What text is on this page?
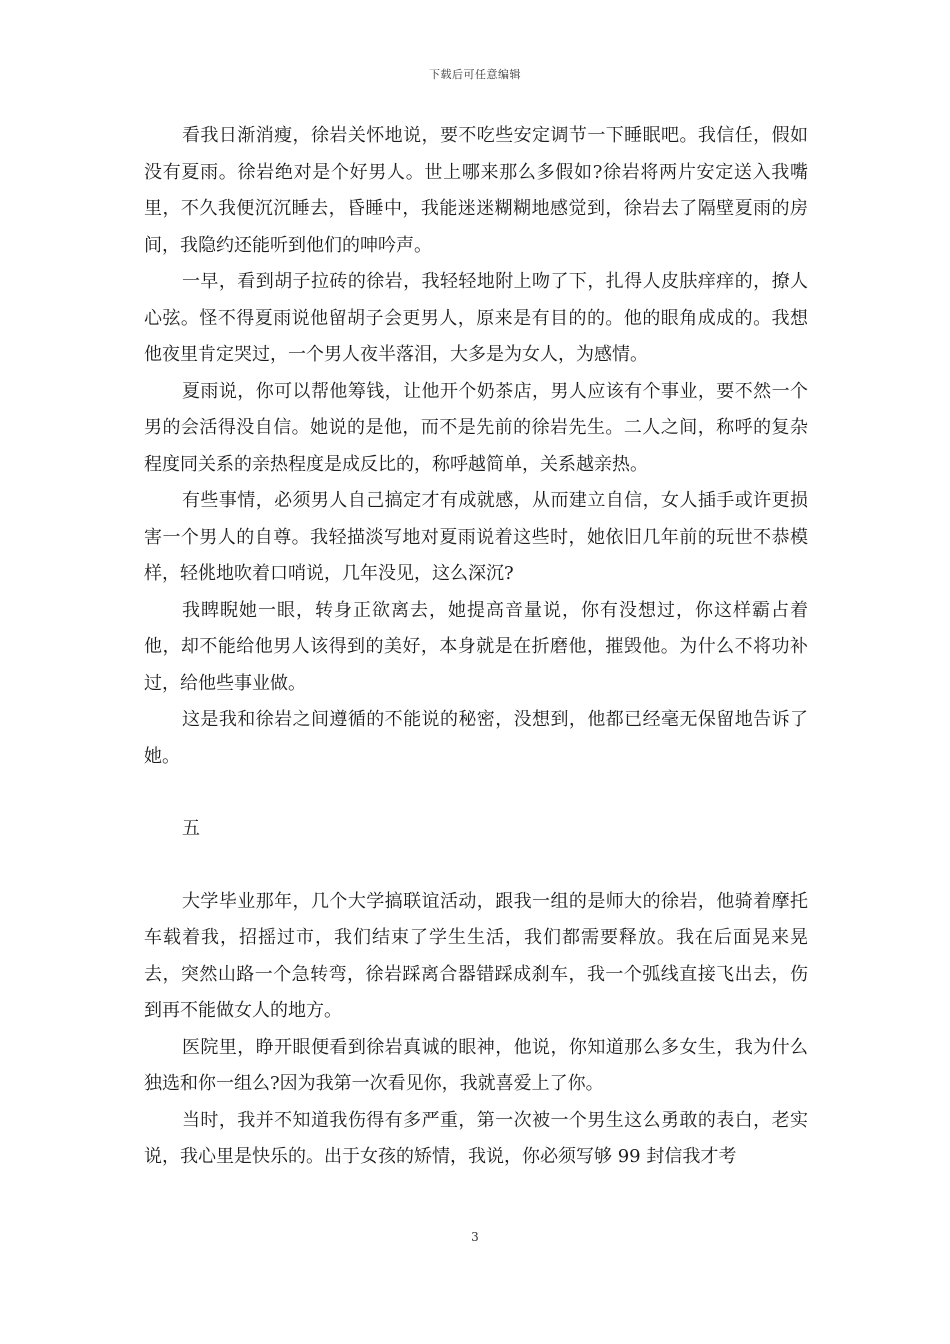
下载后可任意编辑

看我日渐消瘦，徐岩关怀地说，要不吃些安定调节一下睡眠吧。我信任，假如没有夏雨。徐岩绝对是个好男人。世上哪来那么多假如?徐岩将两片安定送入我嘴里，不久我便沉沉睡去，昏睡中，我能迷迷糊糊地感觉到，徐岩去了隔壁夏雨的房间，我隐约还能听到他们的呻吟声。

一早，看到胡子拉砖的徐岩，我轻轻地附上吻了下，扎得人皮肤痒痒的，撩人心弦。怪不得夏雨说他留胡子会更男人，原来是有目的的。他的眼角成成的。我想他夜里肯定哭过，一个男人夜半落泪，大多是为女人，为感情。

夏雨说，你可以帮他筹钱，让他开个奶茶店，男人应该有个事业，要不然一个男的会活得没自信。她说的是他，而不是先前的徐岩先生。二人之间，称呼的复杂程度同关系的亲热程度是成反比的，称呼越简单，关系越亲热。

有些事情，必须男人自己搞定才有成就感，从而建立自信，女人插手或许更损害一个男人的自尊。我轻描淡写地对夏雨说着这些时，她依旧几年前的玩世不恭模样，轻佻地吹着口哨说，几年没见，这么深沉?

我睥睨她一眼，转身正欲离去，她提高音量说，你有没想过，你这样霸占着他，却不能给他男人该得到的美好，本身就是在折磨他，摧毁他。为什么不将功补过，给他些事业做。

这是我和徐岩之间遵循的不能说的秘密，没想到，他都已经毫无保留地告诉了她。

五

大学毕业那年，几个大学搞联谊活动，跟我一组的是师大的徐岩，他骑着摩托车载着我，招摇过市，我们结束了学生生活，我们都需要释放。我在后面晃来晃去，突然山路一个急转弯，徐岩踩离合器错踩成刹车，我一个弧线直接飞出去，伤到再不能做女人的地方。

医院里，睁开眼便看到徐岩真诚的眼神，他说，你知道那么多女生，我为什么独选和你一组么?因为我第一次看见你，我就喜爱上了你。

当时，我并不知道我伤得有多严重，第一次被一个男生这么勇敢的表白，老实说，我心里是快乐的。出于女孩的矫情，我说，你必须写够 99 封信我才考

3
